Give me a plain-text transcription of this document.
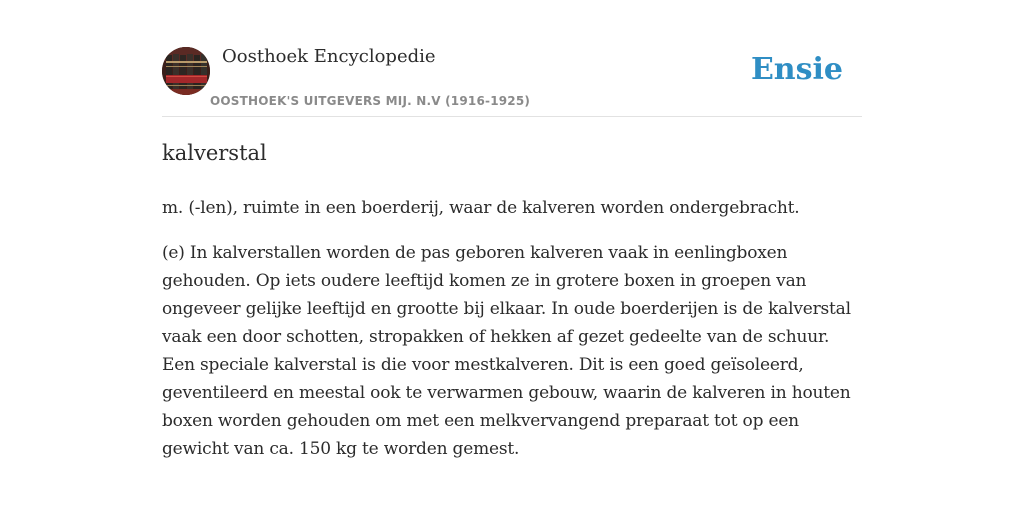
Oosthoek Encyclopedie
OOSTHOEK'S UITGEVERS MIJ. N.V (1916-1925)
Ensie
kalverstal

m. (-len), ruimte in een boerderij, waar de kalveren worden ondergebracht.

(e) In kalverstallen worden de pas geboren kalveren vaak in eenlingboxen gehouden. Op iets oudere leeftijd komen ze in grotere boxen in groepen van ongeveer gelijke leeftijd en grootte bij elkaar. In oude boerderijen is de kalverstal vaak een door schotten, stropakken of hekken af gezet gedeelte van de schuur. Een speciale kalverstal is die voor mestkalveren. Dit is een goed geïsoleerd, geventileerd en meestal ook te verwarmen gebouw, waarin de kalveren in houten boxen worden gehouden om met een melkvervangend preparaat tot op een gewicht van ca. 150 kg te worden gemest.
